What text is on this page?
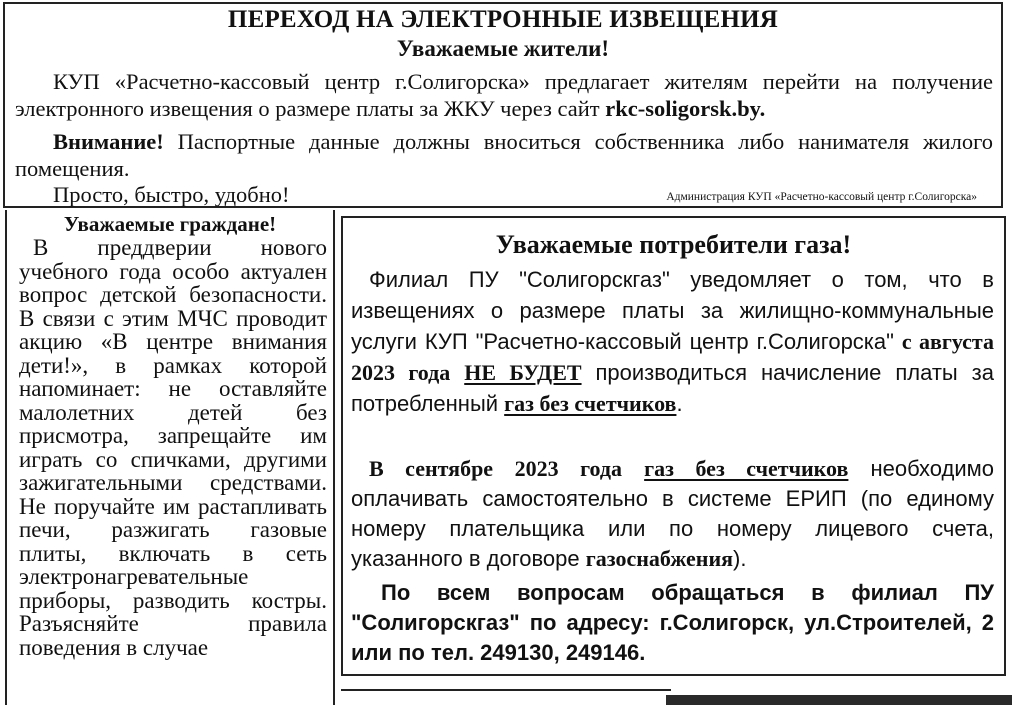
ПЕРЕХОД НА ЭЛЕКТРОННЫЕ ИЗВЕЩЕНИЯ
Уважаемые жители!
КУП «Расчетно-кассовый центр г.Солигорска» предлагает жителям перейти на получение электронного извещения о размере платы за ЖКУ через сайт rkc-soligorsk.by.
Внимание! Паспортные данные должны вноситься собственника либо нанимателя жилого помещения.
Просто, быстро, удобно!	Администрация КУП «Расчетно-кассовый центр г.Солигорска»
Уважаемые граждане!
В преддверии нового учебного года особо актуален вопрос детской безопасности. В связи с этим МЧС проводит акцию «В центре внимания дети!», в рамках которой напоминает: не оставляйте малолетних детей без присмотра, запрещайте им играть со спичками, другими зажигательными средствами. Не поручайте им растапливать печи, разжигать газовые плиты, включать в сеть электронагревательные приборы, разводить костры. Разъясняйте правила поведения в случае
Уважаемые потребители газа!
Филиал ПУ "Солигорскгаз" уведомляет о том, что в извещениях о размере платы за жилищно-коммунальные услуги КУП "Расчетно-кассовый центр г.Солигорска" с августа 2023 года НЕ БУДЕТ производиться начисление платы за потребленный газ без счетчиков.
В сентябре 2023 года газ без счетчиков необходимо оплачивать самостоятельно в системе ЕРИП (по единому номеру плательщика или по номеру лицевого счета, указанного в договоре газоснабжения).
По всем вопросам обращаться в филиал ПУ "Солигорскгаз" по адресу: г.Солигорск, ул.Строителей, 2 или по тел. 249130, 249146.
